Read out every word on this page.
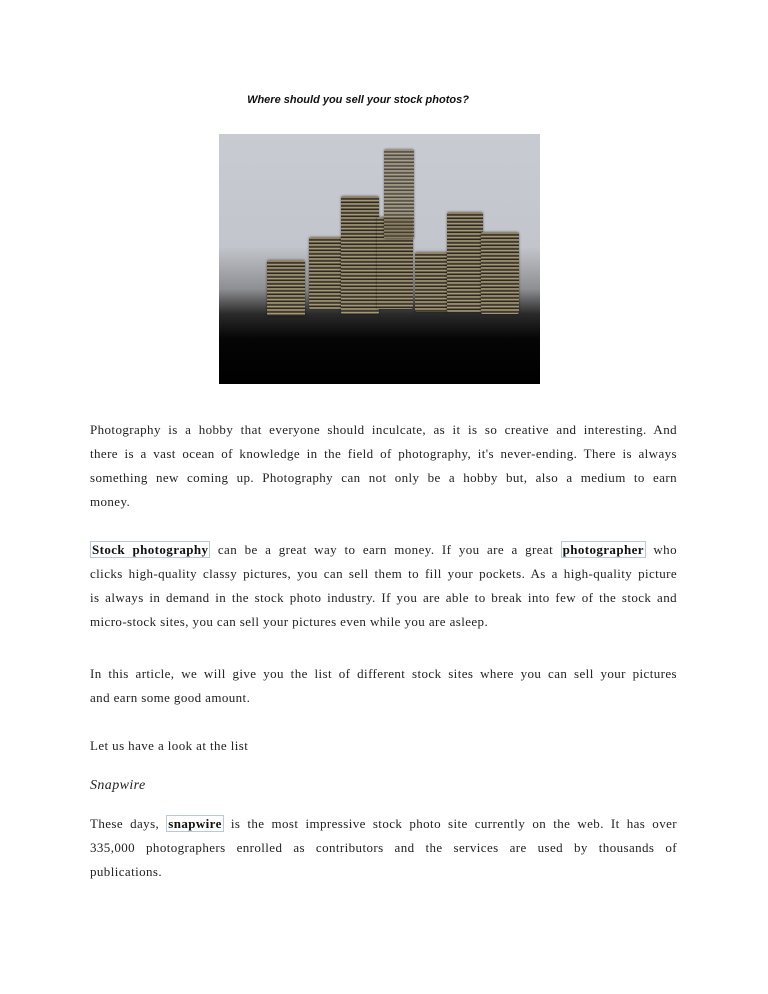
Where should you sell your stock photos?
Photography is a hobby that everyone should inculcate, as it is so creative and interesting. And
there is a vast ocean of knowledge in the field of photography, it's never-ending. There is always
something new coming up. Photography can not only be a hobby but, also a medium to earn
money.
Stock photography can be a great way to earn money. If you are a great photographer who
clicks high-quality classy pictures, you can sell them to fill your pockets. As a high-quality picture
is always in demand in the stock photo industry. If you are able to break into few of the stock and
micro-stock sites, you can sell your pictures even while you are asleep.
In this article, we will give you the list of different stock sites where you can sell your pictures
and earn some good amount.
Let us have a look at the list
Snapwire
These days, snapwire is the most impressive stock photo site currently on the web. It has over
335,000 photographers enrolled as contributors and the services are used by thousands of
publications.
